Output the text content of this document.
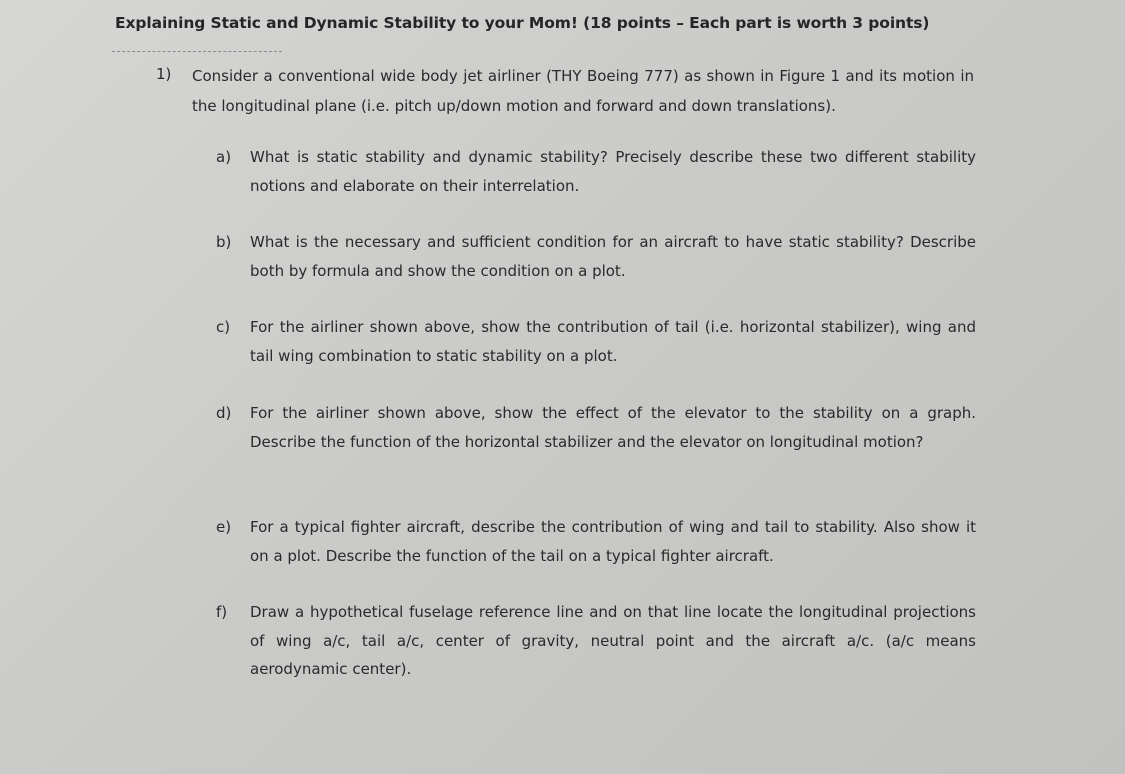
Explaining Static and Dynamic Stability to your Mom! (18 points – Each part is worth 3 points)
1) Consider a conventional wide body jet airliner (THY Boeing 777) as shown in Figure 1 and its motion in the longitudinal plane (i.e. pitch up/down motion and forward and down translations).
a)	What is static stability and dynamic stability? Precisely describe these two different stability notions and elaborate on their interrelation.
b)	What is the necessary and sufficient condition for an aircraft to have static stability? Describe both by formula and show the condition on a plot.
c)	For the airliner shown above, show the contribution of tail (i.e. horizontal stabilizer), wing and tail wing combination to static stability on a plot.
d)	For the airliner shown above, show the effect of the elevator to the stability on a graph. Describe the function of the horizontal stabilizer and the elevator on longitudinal motion?
e)	For a typical fighter aircraft, describe the contribution of wing and tail to stability. Also show it on a plot. Describe the function of the tail on a typical fighter aircraft.
f)	Draw a hypothetical fuselage reference line and on that line locate the longitudinal projections of wing a/c, tail a/c, center of gravity, neutral point and the aircraft a/c. (a/c means aerodynamic center).
